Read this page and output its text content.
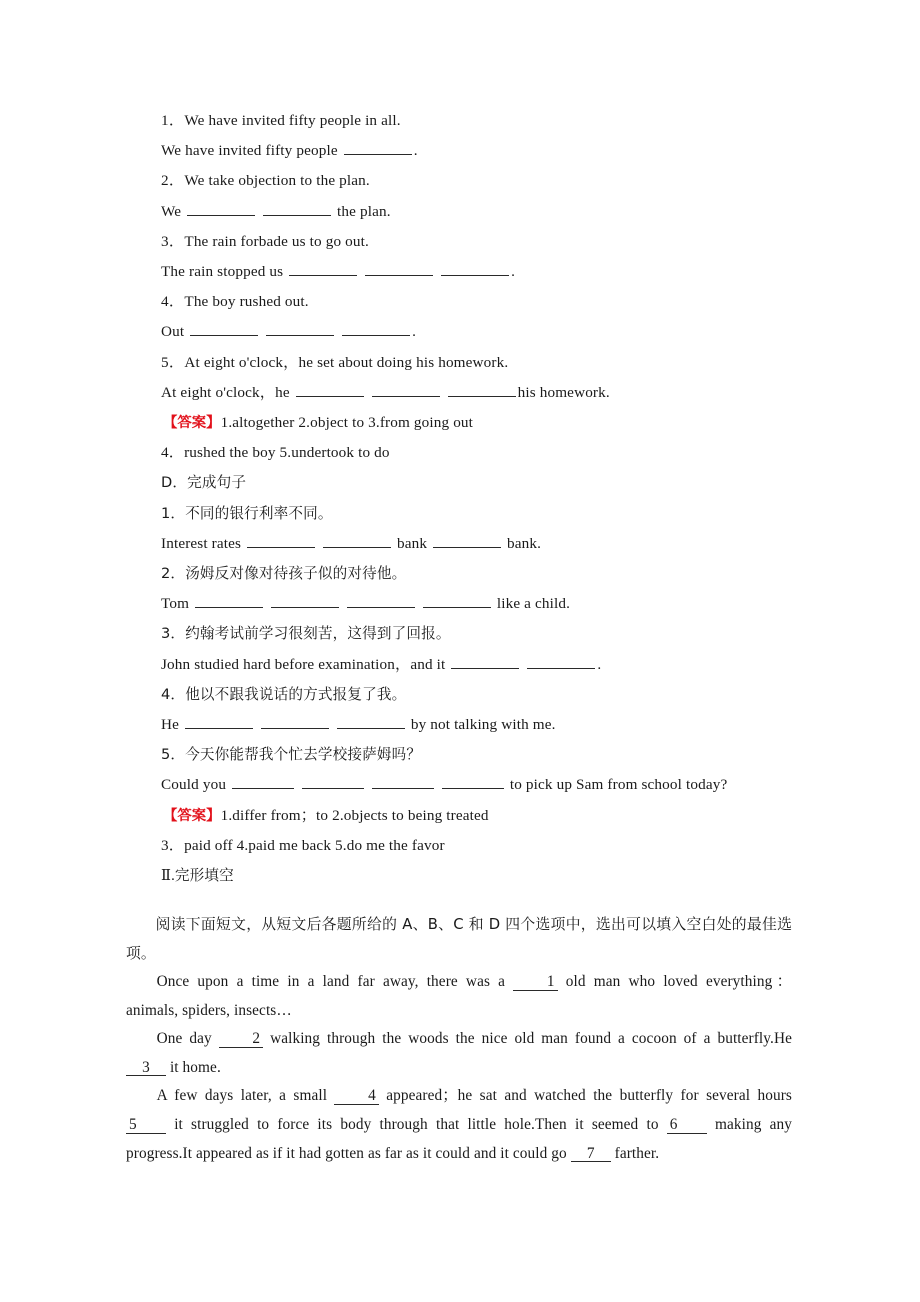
1．We have invited fifty people in all.
We have invited fifty people	.
2．We take objection to the plan.
We	the plan.
3．The rain forbade us to go out.
The rain stopped us	.
4．The boy rushed out.
Out	.
5．At eight o'clock，he set about doing his homework.
At eight o'clock，he	his homework.
【答案】1.altogether 2.object to 3.from going out
4．rushed the boy 5.undertook to do
D．完成句子
1．不同的银行利率不同。
Interest rates	bank	bank.
2．汤姆反对像对待孩子似的对待他。
Tom	like a child.
3．约翰考试前学习很刻苦，这得到了回报。
John studied hard before examination，and it	.
4．他以不跟我说话的方式报复了我。
He	by not talking with me.
5．今天你能帮我个忙去学校接萨姆吗？
Could you	to pick up Sam from school today?
【答案】1.differ from；to 2.objects to being treated
3．paid off 4.paid me back 5.do me the favor
Ⅱ.完形填空
阅读下面短文，从短文后各题所给的 A、B、C 和 D 四个选项中，选出可以填入空白处的最佳选项。
Once upon a time in a land far away, there was a	1 old man who loved everything：
animals, spiders, insects…
One day	2 walking through the woods the nice old man found a cocoon of a butterfly.He
3 it home.
A few days later, a small	4 appeared；he sat and watched the butterfly for several hours
5 it struggled to force its body through that little hole.Then it seemed to 6 making any
progress.It appeared as if it had gotten as far as it could and it could go 7 farther.
